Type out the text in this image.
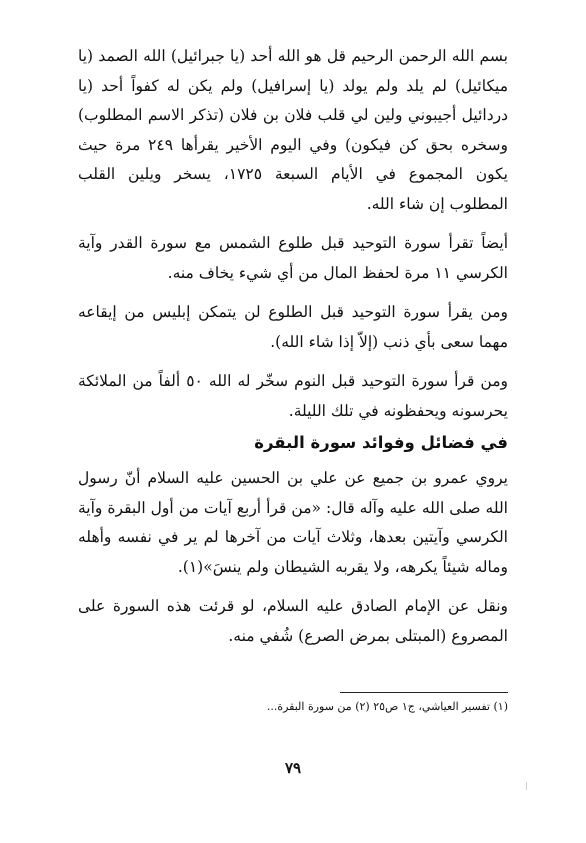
بسم الله الرحمن الرحيم قل هو الله أحد (يا جبرائيل) الله الصمد (يا ميكائيل) لم يلد ولم يولد (يا إسرافيل) ولم يكن له كفواً أحد (يا دردائيل أجيبوني ولين لي قلب فلان بن فلان (تذكر الاسم المطلوب) وسخره بحق كن فيكون) وفي اليوم الأخير يقرأها ٢٤٩ مرة حيث يكون المجموع في الأيام السبعة ١٧٢٥، يسخر ويلين القلب المطلوب إن شاء الله.

أيضاً تقرأ سورة التوحيد قبل طلوع الشمس مع سورة القدر وآية الكرسي ١١ مرة لحفظ المال من أي شيء يخاف منه.

ومن يقرأ سورة التوحيد قبل الطلوع لن يتمكن إبليس من إيقاعه مهما سعى بأي ذنب (إلاّ إذا شاء الله).

ومن قرأ سورة التوحيد قبل النوم سخّر له الله ٥٠ ألفاً من الملائكة يحرسونه ويحفظونه في تلك الليلة.

في فضائل وفوائد سورة البقرة

يروي عمرو بن جميع عن علي بن الحسين عليه السلام أنّ رسول الله صلى الله عليه وآله قال: «من قرأ أربع آيات من أول البقرة وآية الكرسي وآيتين بعدها، وثلاث آيات من آخرها لم ير في نفسه وأهله وماله شيئاً يكرهه، ولا يقربه الشيطان ولم ينسَ»(١).

ونقل عن الإمام الصادق عليه السلام، لو قرئت هذه السورة على المصروع (المبتلى بمرض الصرع) شُفي منه.

(١) تفسير العياشي، ج١ ص٢٥ (٢) من سورة البقرة...
٧٩
